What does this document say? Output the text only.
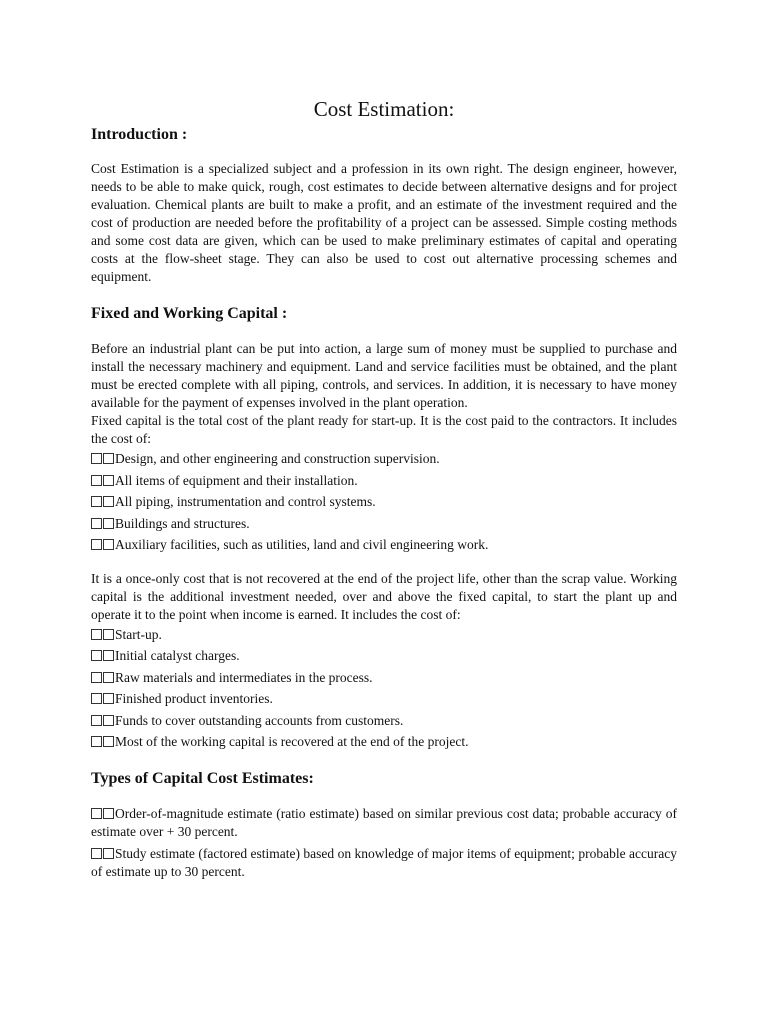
Cost Estimation:
Introduction :

Cost Estimation is a specialized subject and a profession in its own right. The design engineer, however, needs to be able to make quick, rough, cost estimates to decide between alternative designs and for project evaluation. Chemical plants are built to make a profit, and an estimate of the investment required and the cost of production are needed before the profitability of a project can be assessed. Simple costing methods and some cost data are given, which can be used to make preliminary estimates of capital and operating costs at the flow-sheet stage. They can also be used to cost out alternative processing schemes and equipment.

Fixed and Working Capital :

Before an industrial plant can be put into action, a large sum of money must be supplied to purchase and install the necessary machinery and equipment. Land and service facilities must be obtained, and the plant must be erected complete with all piping, controls, and services. In addition, it is necessary to have money available for the payment of expenses involved in the plant operation.

Fixed capital is the total cost of the plant ready for start-up. It is the cost paid to the contractors. It includes the cost of:

Design, and other engineering and construction supervision.

All items of equipment and their installation.

All piping, instrumentation and control systems.

Buildings and structures.

Auxiliary facilities, such as utilities, land and civil engineering work.

It is a once-only cost that is not recovered at the end of the project life, other than the scrap value. Working capital is the additional investment needed, over and above the fixed capital, to start the plant up and operate it to the point when income is earned. It includes the cost of:

Start-up.

Initial catalyst charges.

Raw materials and intermediates in the process.

Finished product inventories.

Funds to cover outstanding accounts from customers.

Most of the working capital is recovered at the end of the project.

Types of Capital Cost Estimates:

Order-of-magnitude estimate (ratio estimate) based on similar previous cost data; probable accuracy of estimate over + 30 percent.

Study estimate (factored estimate) based on knowledge of major items of equipment; probable accuracy of estimate up to 30 percent.
